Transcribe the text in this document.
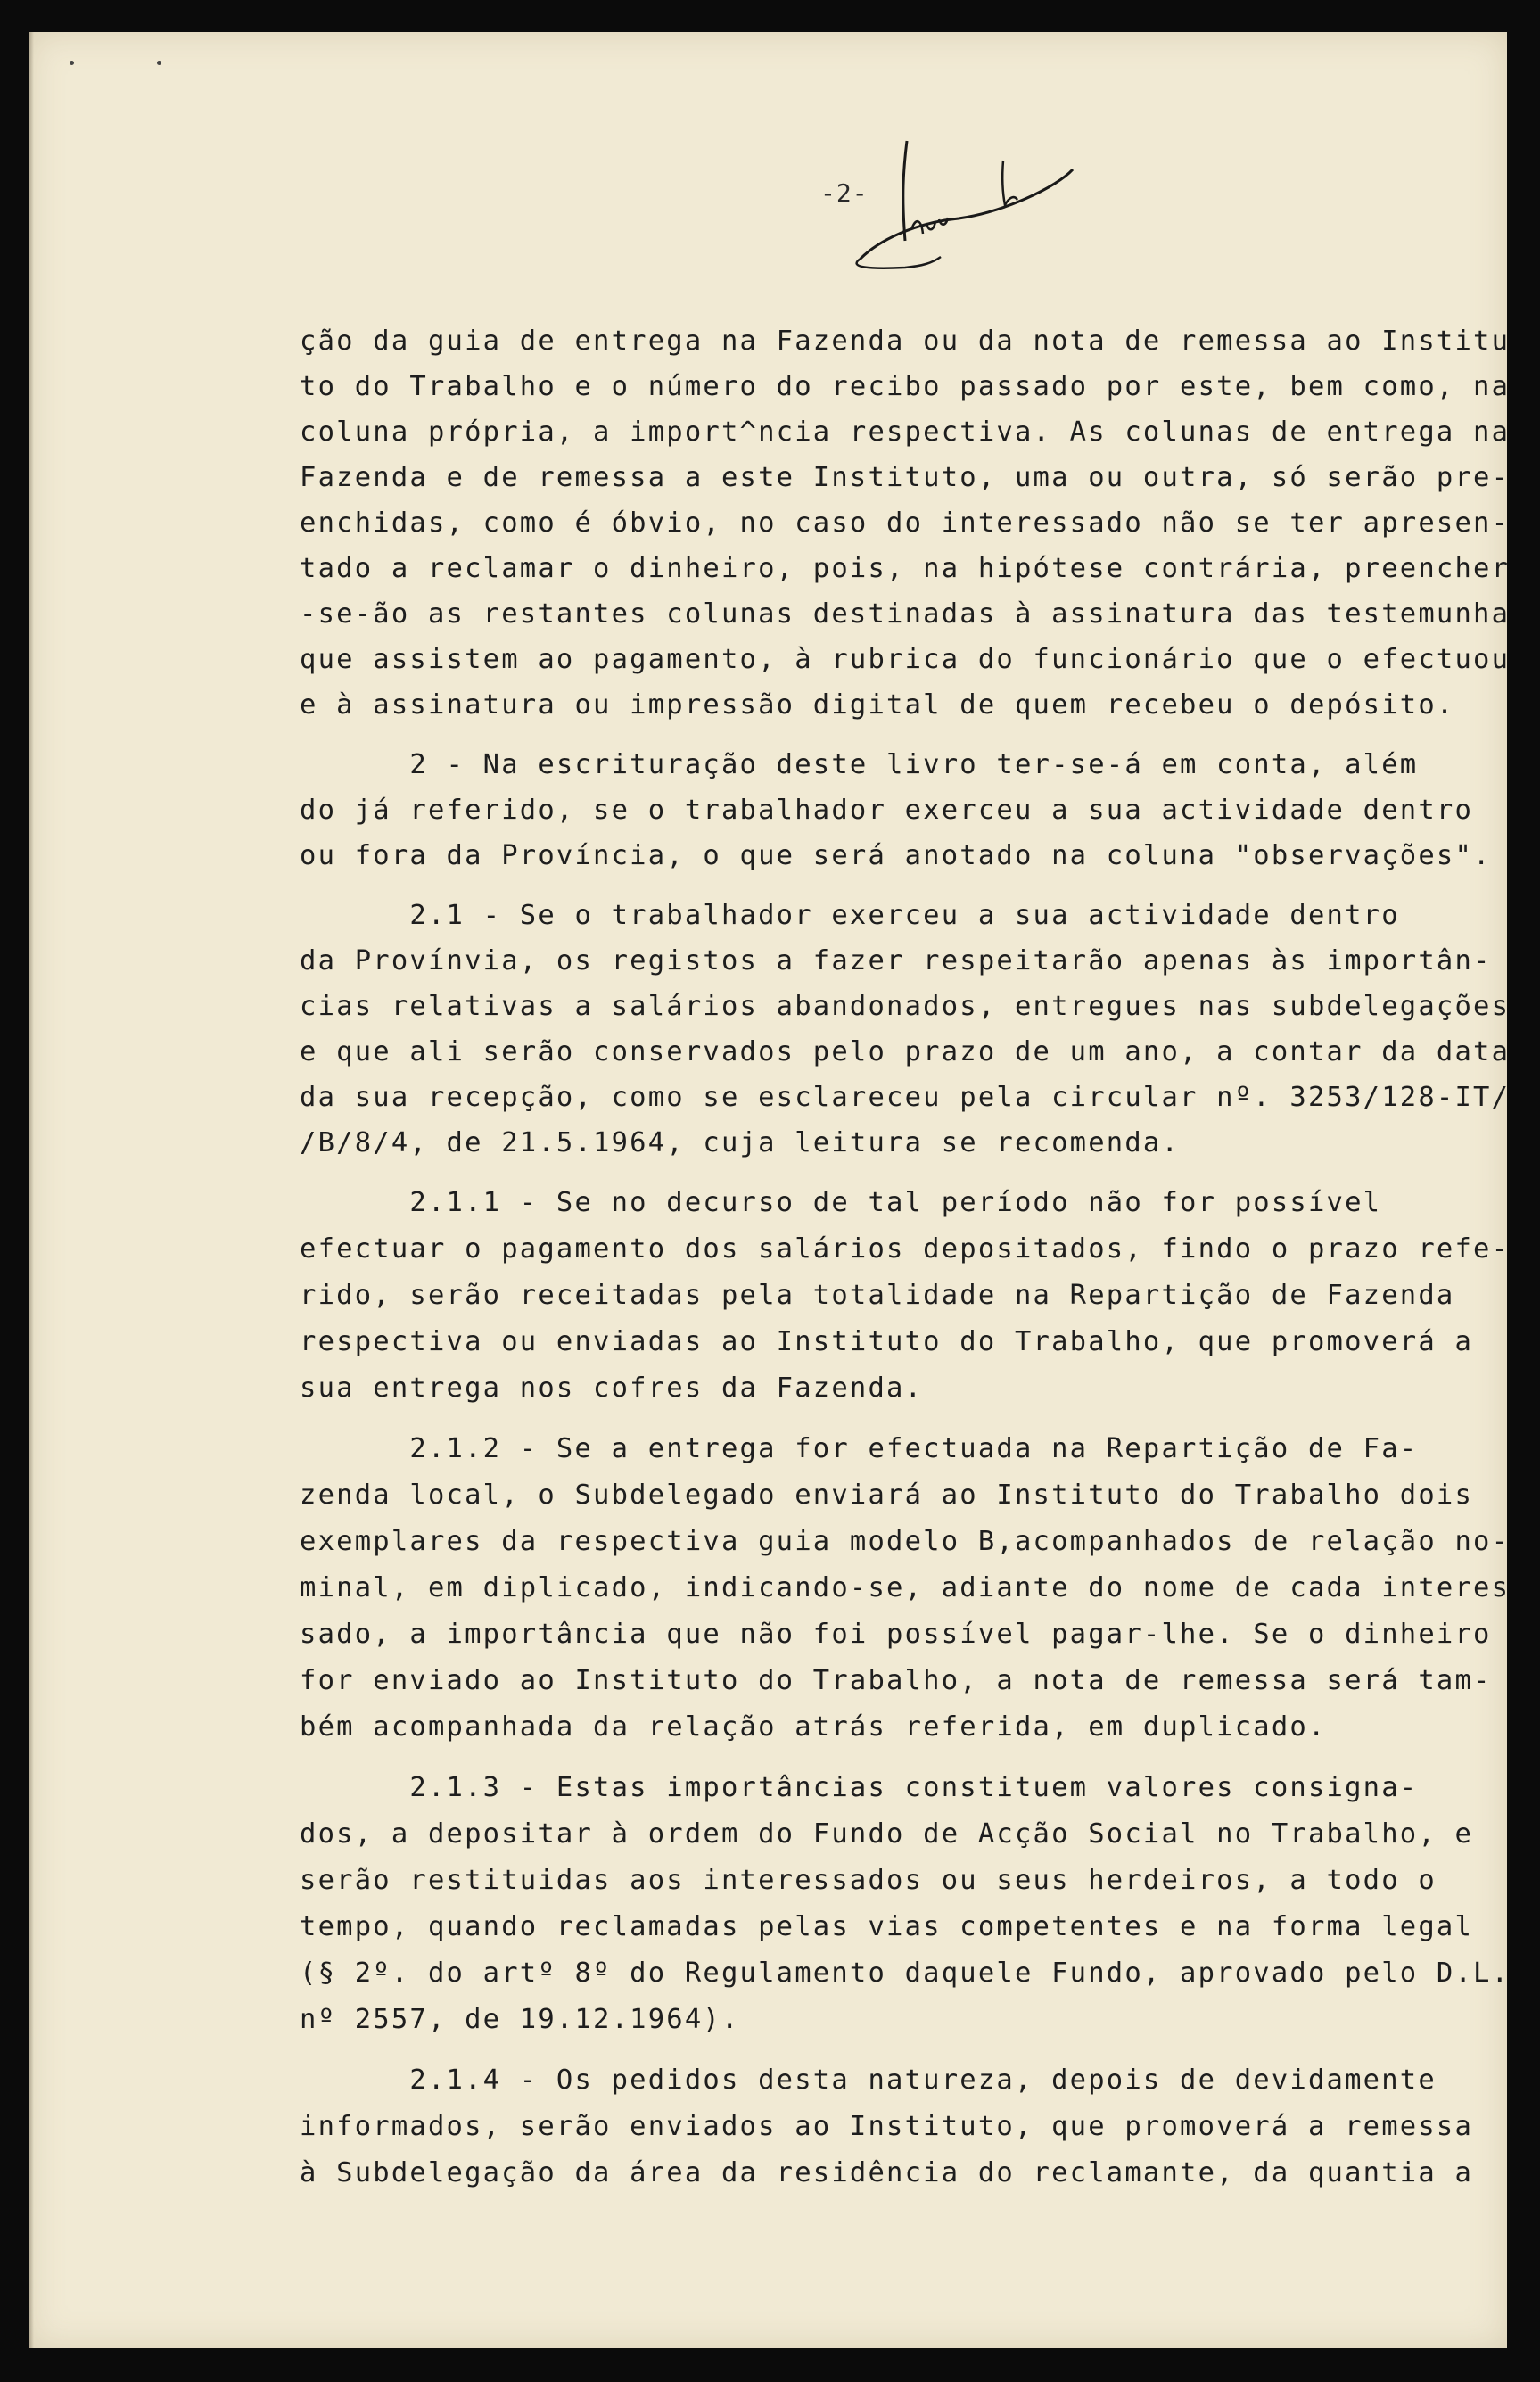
-2-
ção da guia de entrega na Fazenda ou da nota de remessa ao Institu
to do Trabalho e o número do recibo passado por este, bem como, na
coluna própria, a import^ncia respectiva. As c⁠olunas de entrega na
Fazenda e de remessa a este Instituto, uma ou outra, só serão pre-
enchidas, como é óbvio, no caso do interessado não se ter apresen-
tado a reclamar o dinheiro, pois, na hipótese contrária, preencher
-se-ão as restantes colunas destinadas à assinatura das testemunha
que assistem ao pagamento, à rubrica do funcionário que o efectuou
e à assinatura ou impressão digital de quem recebeu o depósito.
2 - Na escrituração deste livro ter-se-á em conta, além
do já referido, se o trabalhador exerceu a sua actividade dentro
ou fora da Província, o que será anotado na coluna "observações".
2.1 - Se o trabalhador exerceu a sua actividade dentro
da Provínvia, os registos a fazer respeitarão apenas às importân-
cias relativas a salários abandonados, entregues nas subdelegações
e que ali serão conservados pelo prazo de um ano, a contar da data
da sua recepção, como se esclareceu pela circular nº. 3253/128-IT/
/B/8/4, de 21.5.1964, cuja leitura se recomenda.
2.1.1 - Se no decurso de tal período não for possível
efectuar o pagamento dos salários depositados, findo o prazo refe-
rido, serão receitadas pela totalidade na Repartição de Fazenda
respectiva ou enviadas ao Instituto do Trabalho, que promoverá a
sua entrega nos cofres da Fazenda.
2.1.2 - Se a entrega for efectuada na Repartição de Fa-
zenda local, o Subdelegado enviará ao Instituto do Trabalho dois
exemplares da respectiva guia modelo B,acompanhados de relação no-
minal, em diplicado, indicando-se, adiante do nome de cada interes
sado, a importância que não foi possível pagar-lhe. Se o dinheiro
for enviado ao Instituto do Trabalho, a nota de remessa será tam-
bém acompanhada da relação atrás referida, em duplicado.
2.1.3 - Estas importâncias constituem valores consigna-
dos, a depositar à ordem do Fundo de Acção Social no Trabalho, e
serão restituidas aos interessados ou seus herdeiros, a todo o
tempo, quando reclamadas pelas vias competentes e na forma legal
(§ 2º. do artº 8º do Regulamento daquele Fundo, aprovado pelo D.L.
nº 2557, de 19.12.1964).
2.1.4 - Os pedidos desta natureza, depois de devidamente
informados, serão enviados ao Instituto, que promoverá a remessa
à Subdelegação da área da residência do reclamante, da quantia a
